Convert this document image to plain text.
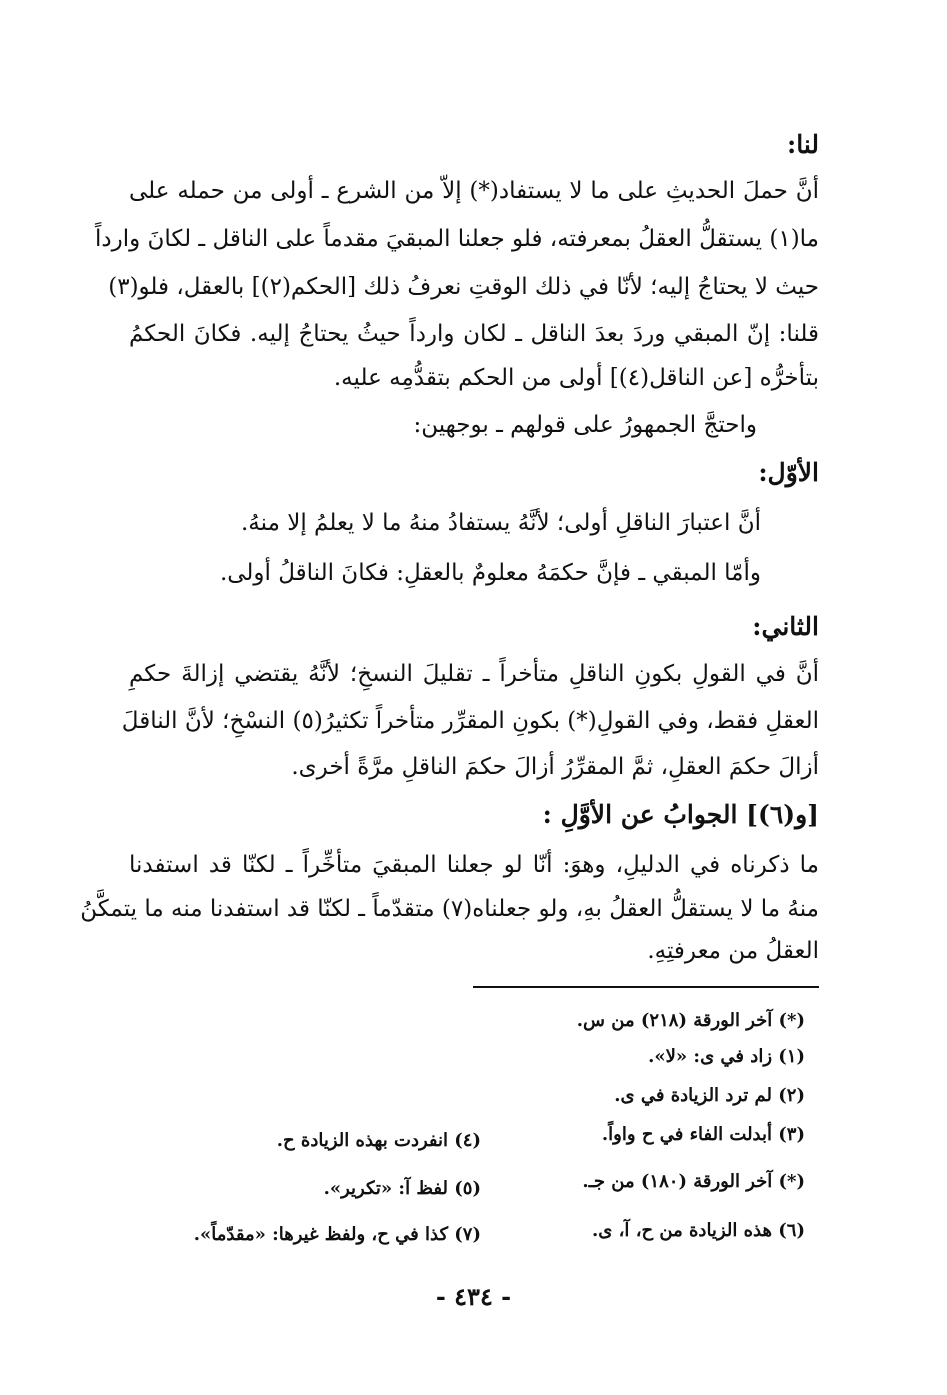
لنا:
أنَّ حملَ الحديثِ على ما لا يستفاد(*) إلاّ من الشرع ـ أولى من حمله على
ما(١) يستقلُّ العقلُ بمعرفته، فلو جعلنا المبقيَ مقدماً على الناقل ـ لكانَ وارداً
حيث لا يحتاجُ إليه؛ لأنّا في ذلك الوقتِ نعرفُ ذلك [الحكم(٢)] بالعقل، فلو(٣)
قلنا: إنّ المبقي وردَ بعدَ الناقل ـ لكان وارداً حيثُ يحتاجُ إليه. فكانَ الحكمُ
بتأخرُّه [عن الناقل(٤)] أولى من الحكم بتقدُّمِه عليه.
واحتجَّ الجمهورُ على قولهم ـ بوجهين:
الأوّل:
أنَّ اعتبارَ الناقلِ أولى؛ لأنَّهُ يستفادُ منهُ ما لا يعلمُ إلا منهُ.
وأمّا المبقي ـ فإنَّ حكمَهُ معلومٌ بالعقلِ: فكانَ الناقلُ أولى.
الثاني:
أنَّ في القولِ بكونِ الناقلِ متأخراً ـ تقليلَ النسخِ؛ لأنَّهُ يقتضي إزالةَ حكمِ
العقلِ فقط، وفي القولِ(*) بكونِ المقرِّر متأخراً تكثيرُ(٥) النسْخِ؛ لأنَّ الناقلَ
أزالَ حكمَ العقلِ، ثمَّ المقرِّرُ أزالَ حكمَ الناقلِ مرَّةً أخرى.
[و(٦)] الجوابُ عن الأوَّلِ :
ما ذكرناه في الدليلِ، وهوَ: أنّا لو جعلنا المبقيَ متأخِّراً ـ لكنّا قد استفدنا
منهُ ما لا يستقلُّ العقلُ بهِ، ولو جعلناه(٧) متقدّماً ـ لكنّا قد استفدنا منه ما يتمكَّنُ
العقلُ من معرفتِهِ.
(*) آخر الورقة (٢١٨) من س.
(١) زاد في ى: «لا».
(٢) لم ترد الزيادة في ى.
(٣) أبدلت الفاء في ح واواً.
(٤) انفردت بهذه الزيادة ح.
(*) آخر الورقة (١٨٠) من جـ.
(٥) لفظ آ: «تكرير».
(٦) هذه الزيادة من ح، آ، ى.
(٧) كذا في ح، ولفظ غيرها: «مقدّماً».
- ٤٣٤ -
